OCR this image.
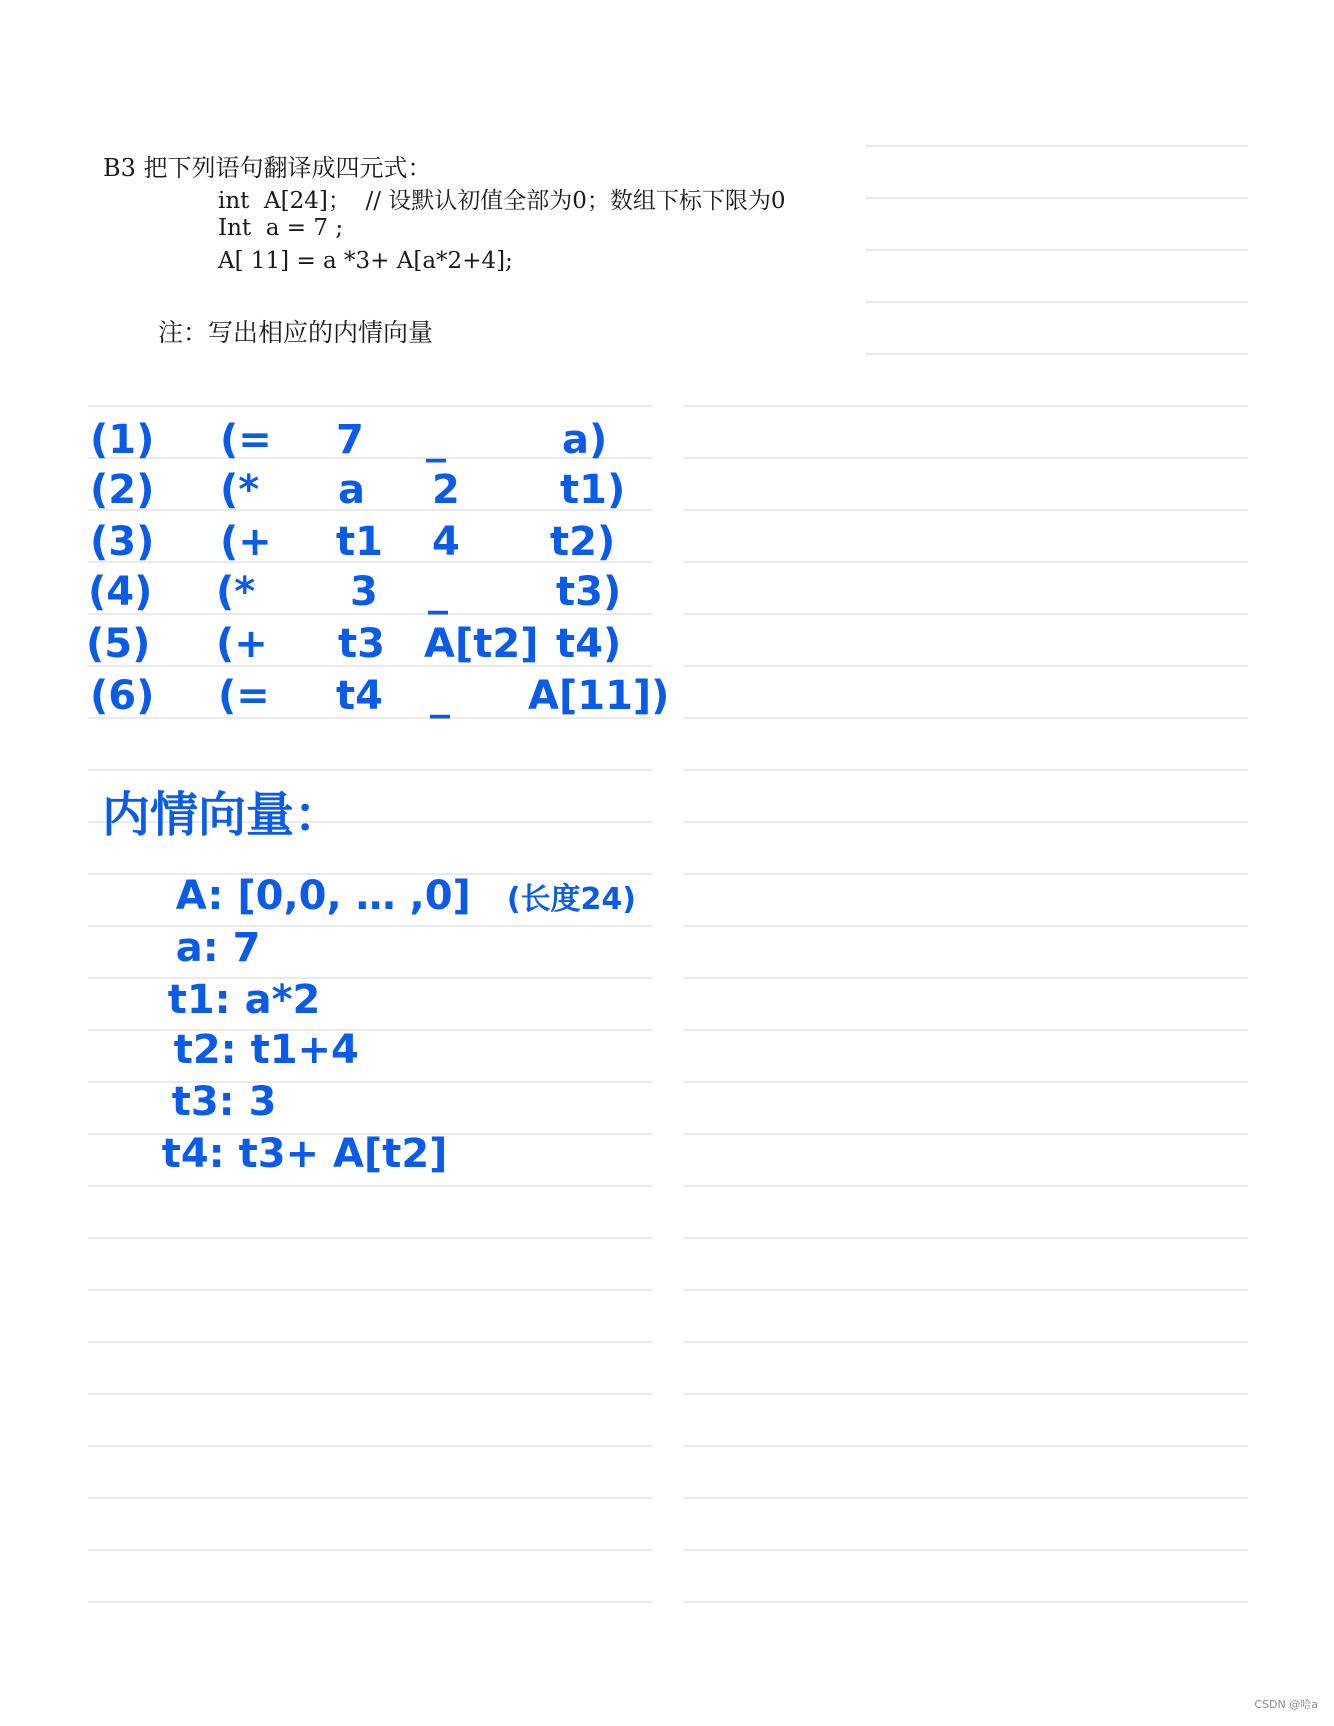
B3 把下列语句翻译成四元式：
int  A[24]；  // 设默认初值全部为0；数组下标下限为0
Int  a = 7 ;
A[ 11] = a *3+ A[a*2+4];
注：写出相应的内情向量
(1) (= 7 _	a)
(2) (* a 2	t1)
(3) (+ t1 4 t2)
(4) (* 3 _	t3)
(5) (+ t3 A[t2] t4)
(6) (= t4 _ A[11])
内情向量：

A: [0,0, … ,0] (长度24)

a: 7

t1: a*2

t2: t1+4

t3: 3

t4: t3+ A[t2]

CSDN @哈a
